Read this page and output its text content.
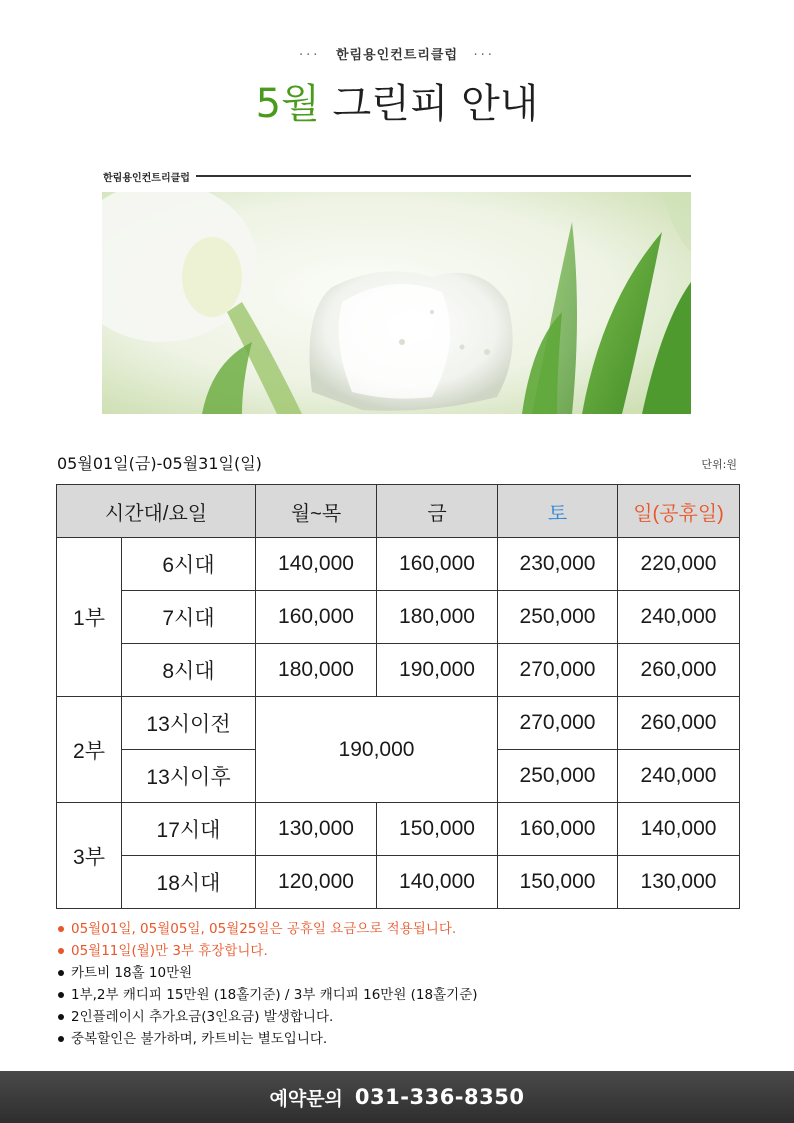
··· 한림용인컨트리클럽 ···
5월 그린피 안내
한림용인컨트리클럽
05월01일(금)-05월31일(일)	단위:원
시간대/요일		월~목	금	토	일(공휴일)
1부	6시대	140,000	160,000	230,000	220,000
	7시대	160,000	180,000	250,000	240,000
	8시대	180,000	190,000	270,000	260,000
2부	13시이전	190,000		270,000	260,000
	13시이후			250,000	240,000
3부	17시대	130,000	150,000	160,000	140,000
	18시대	120,000	140,000	150,000	130,000
05월01일, 05월05일, 05월25일은 공휴일 요금으로 적용됩니다.
05월11일(월)만 3부 휴장합니다.
카트비 18홀 10만원
1부,2부 캐디피 15만원 (18홀기준) / 3부 캐디피 16만원 (18홀기준)
2인플레이시 추가요금(3인요금) 발생합니다.
중복할인은 불가하며, 카트비는 별도입니다.
예약문의 031-336-8350
